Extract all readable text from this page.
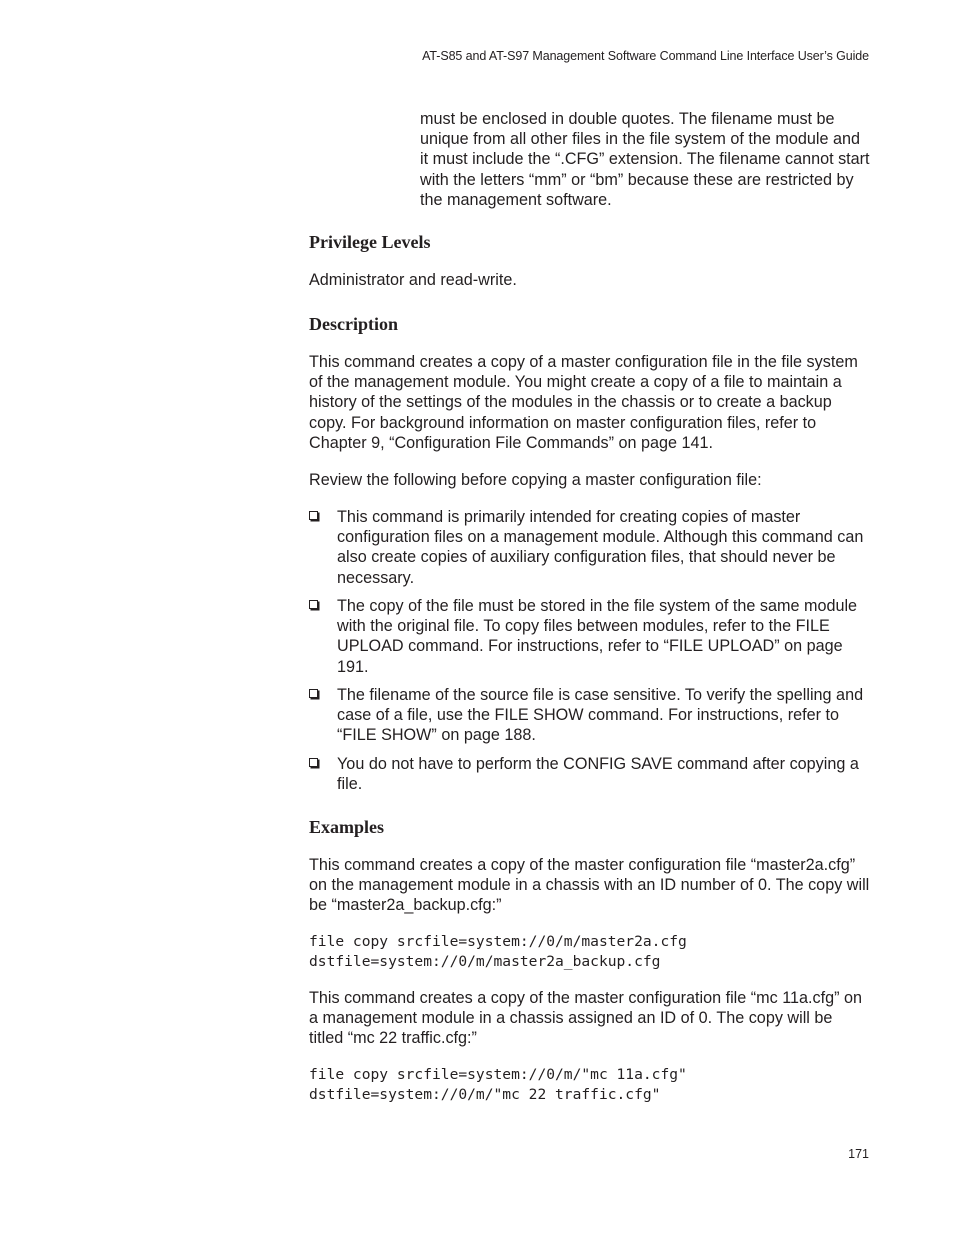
AT-S85 and AT-S97 Management Software Command Line Interface User’s Guide

must be enclosed in double quotes. The filename must be unique from all other files in the file system of the module and it must include the “.CFG” extension. The filename cannot start with the letters “mm” or “bm” because these are restricted by the management software.

Privilege Levels

Administrator and read-write.

Description

This command creates a copy of a master configuration file in the file system of the management module. You might create a copy of a file to maintain a history of the settings of the modules in the chassis or to create a backup copy. For background information on master configuration files, refer to Chapter 9, “Configuration File Commands” on page 141.

Review the following before copying a master configuration file:

This command is primarily intended for creating copies of master configuration files on a management module. Although this command can also create copies of auxiliary configuration files, that should never be necessary.
The copy of the file must be stored in the file system of the same module with the original file. To copy files between modules, refer to the FILE UPLOAD command. For instructions, refer to “FILE UPLOAD” on page 191.
The filename of the source file is case sensitive. To verify the spelling and case of a file, use the FILE SHOW command. For instructions, refer to “FILE SHOW” on page 188.
You do not have to perform the CONFIG SAVE command after copying a file.
Examples

This command creates a copy of the master configuration file “master2a.cfg” on the management module in a chassis with an ID number of 0. The copy will be “master2a_backup.cfg:”

file copy srcfile=system://0/m/master2a.cfg
dstfile=system://0/m/master2a_backup.cfg

This command creates a copy of the master configuration file “mc 11a.cfg” on a management module in a chassis assigned an ID of 0. The copy will be titled “mc 22 traffic.cfg:”

file copy srcfile=system://0/m/"mc 11a.cfg"
dstfile=system://0/m/"mc 22 traffic.cfg"
171
